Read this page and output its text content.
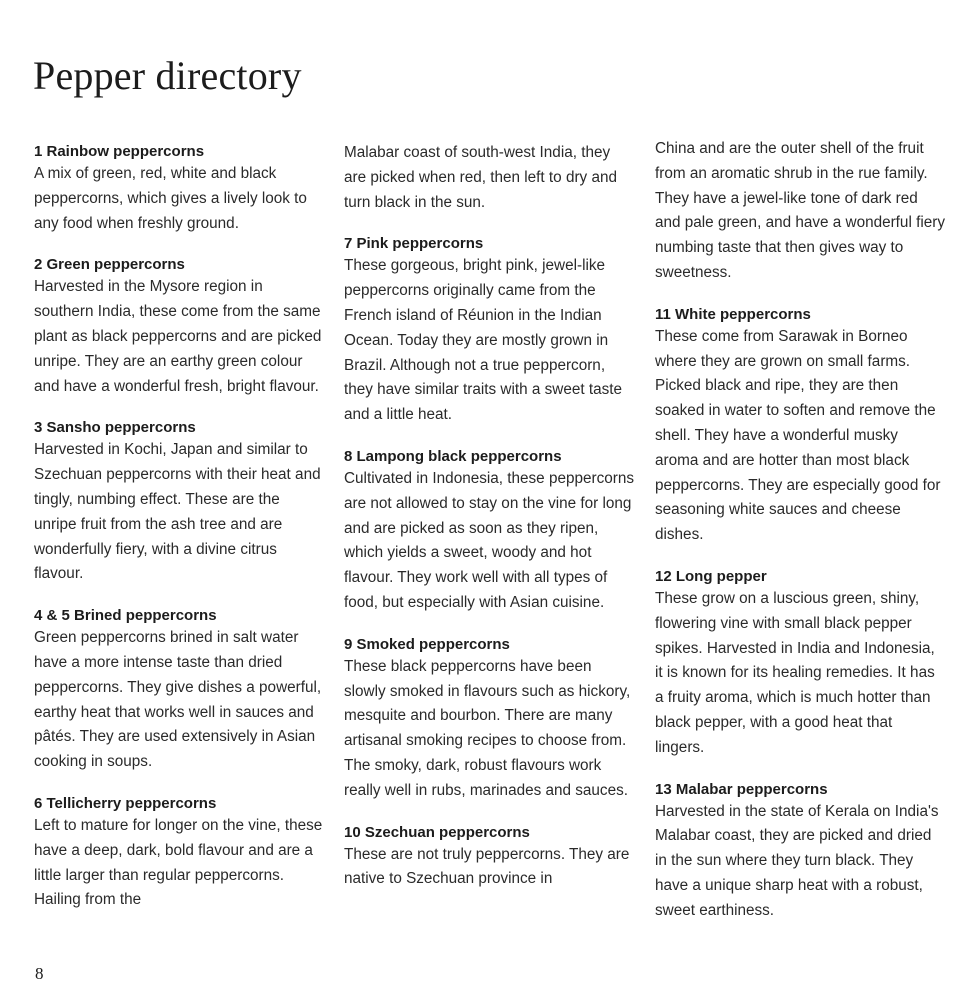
Pepper directory
1 Rainbow peppercorns

A mix of green, red, white and black peppercorns, which gives a lively look to any food when freshly ground.

2 Green peppercorns

Harvested in the Mysore region in southern India, these come from the same plant as black peppercorns and are picked unripe. They are an earthy green colour and have a wonderful fresh, bright flavour.

3 Sansho peppercorns

Harvested in Kochi, Japan and similar to Szechuan peppercorns with their heat and tingly, numbing effect. These are the unripe fruit from the ash tree and are wonderfully fiery, with a divine citrus flavour.

4 & 5 Brined peppercorns

Green peppercorns brined in salt water have a more intense taste than dried peppercorns. They give dishes a powerful, earthy heat that works well in sauces and pâtés. They are used extensively in Asian cooking in soups.

6 Tellicherry peppercorns

Left to mature for longer on the vine, these have a deep, dark, bold flavour and are a little larger than regular peppercorns. Hailing from the

Malabar coast of south-west India, they are picked when red, then left to dry and turn black in the sun.

7 Pink peppercorns

These gorgeous, bright pink, jewel-like peppercorns originally came from the French island of Réunion in the Indian Ocean. Today they are mostly grown in Brazil. Although not a true peppercorn, they have similar traits with a sweet taste and a little heat.

8 Lampong black peppercorns

Cultivated in Indonesia, these peppercorns are not allowed to stay on the vine for long and are picked as soon as they ripen, which yields a sweet, woody and hot flavour. They work well with all types of food, but especially with Asian cuisine.

9 Smoked peppercorns

These black peppercorns have been slowly smoked in flavours such as hickory, mesquite and bourbon. There are many artisanal smoking recipes to choose from. The smoky, dark, robust flavours work really well in rubs, marinades and sauces.

10 Szechuan peppercorns

These are not truly peppercorns. They are native to Szechuan province in

China and are the outer shell of the fruit from an aromatic shrub in the rue family. They have a jewel-like tone of dark red and pale green, and have a wonderful fiery numbing taste that then gives way to sweetness.

11 White peppercorns

These come from Sarawak in Borneo where they are grown on small farms. Picked black and ripe, they are then soaked in water to soften and remove the shell. They have a wonderful musky aroma and are hotter than most black peppercorns. They are especially good for seasoning white sauces and cheese dishes.

12 Long pepper

These grow on a luscious green, shiny, flowering vine with small black pepper spikes. Harvested in India and Indonesia, it is known for its healing remedies. It has a fruity aroma, which is much hotter than black pepper, with a good heat that lingers.

13 Malabar peppercorns

Harvested in the state of Kerala on India's Malabar coast, they are picked and dried in the sun where they turn black. They have a unique sharp heat with a robust, sweet earthiness.

8
